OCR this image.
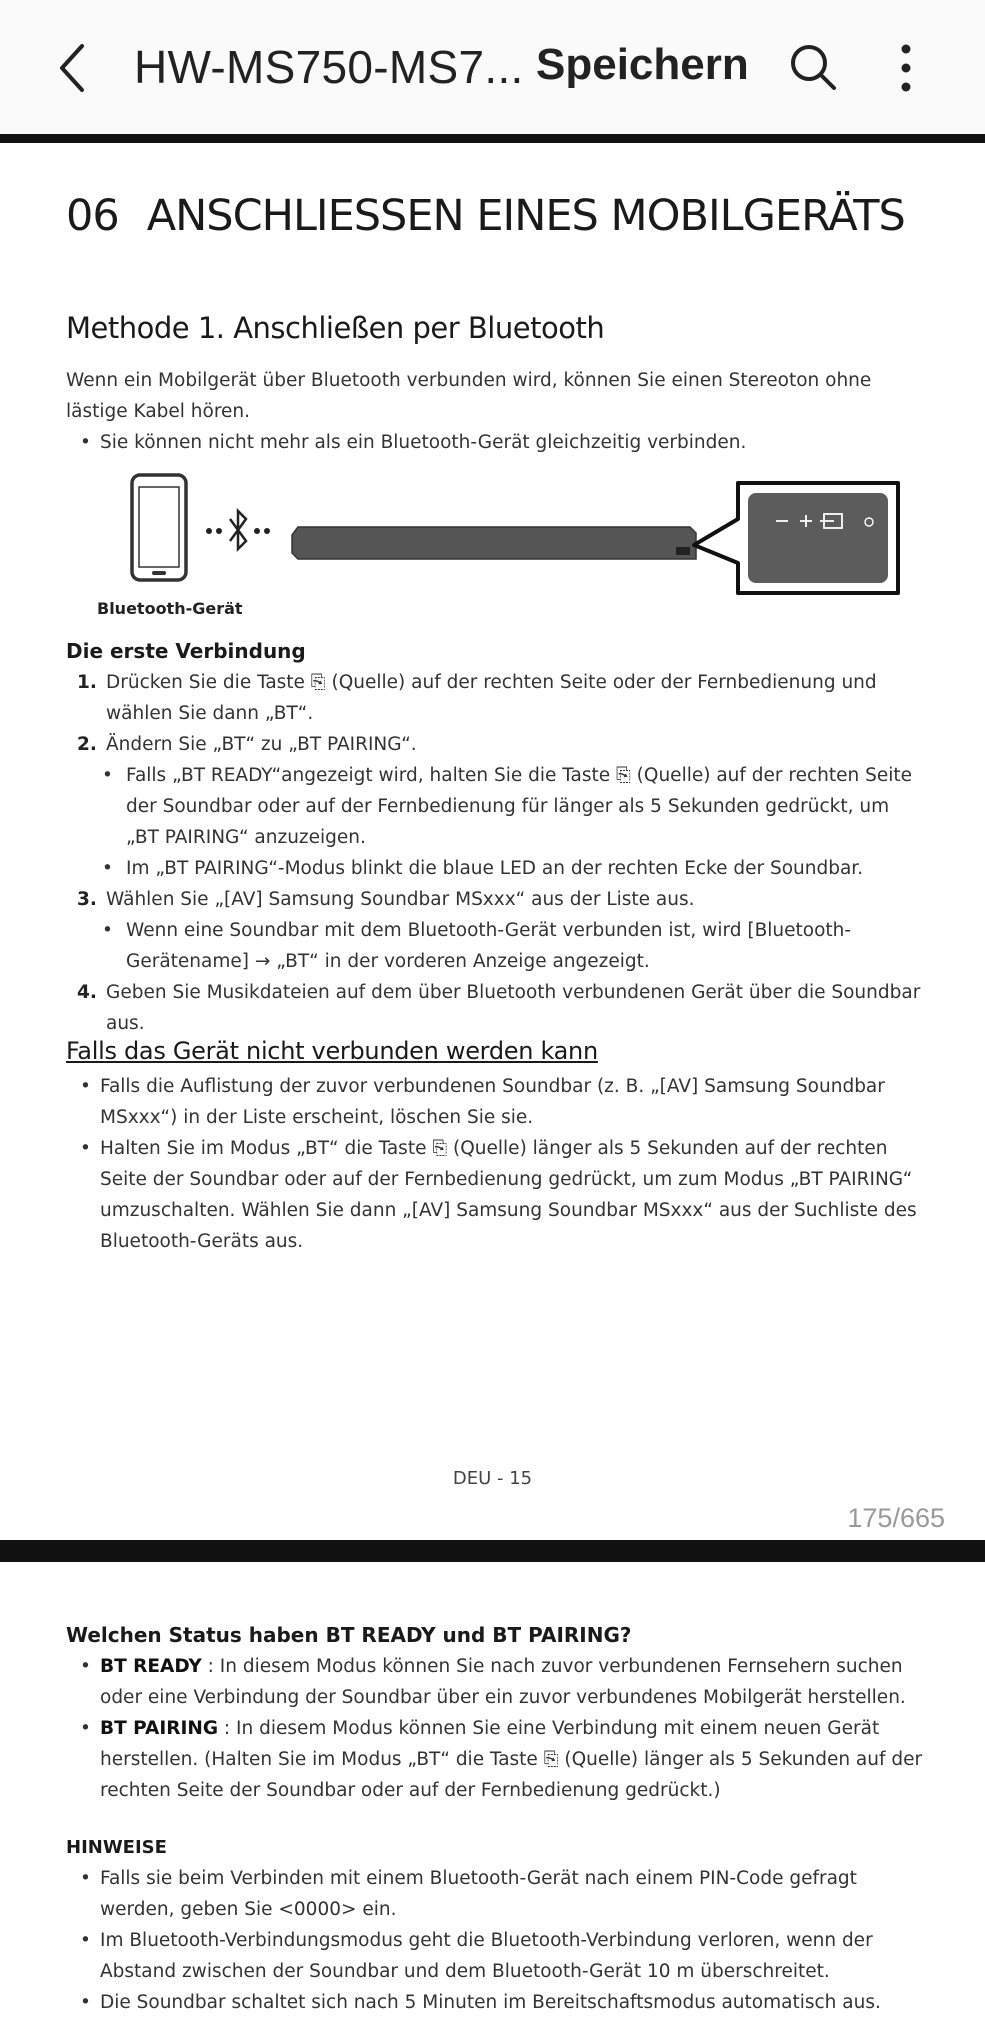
HW-MS750-MS7... Speichern
06 ANSCHLIESSEN EINES MOBILGERÄTS
Methode 1. Anschließen per Bluetooth
Wenn ein Mobilgerät über Bluetooth verbunden wird, können Sie einen Stereoton ohne lästige Kabel hören.
• Sie können nicht mehr als ein Bluetooth-Gerät gleichzeitig verbinden.
Bluetooth-Gerät
Die erste Verbindung
1. Drücken Sie die Taste ⎘ (Quelle) auf der rechten Seite oder der Fernbedienung und wählen Sie dann „BT“.
2. Ändern Sie „BT“ zu „BT PAIRING“.
• Falls „BT READY“angezeigt wird, halten Sie die Taste ⎘ (Quelle) auf der rechten Seite der Soundbar oder auf der Fernbedienung für länger als 5 Sekunden gedrückt, um „BT PAIRING“ anzuzeigen.
• Im „BT PAIRING“-Modus blinkt die blaue LED an der rechten Ecke der Soundbar.
3. Wählen Sie „[AV] Samsung Soundbar MSxxx“ aus der Liste aus.
• Wenn eine Soundbar mit dem Bluetooth-Gerät verbunden ist, wird [Bluetooth-Gerätename] → „BT“ in der vorderen Anzeige angezeigt.
4. Geben Sie Musikdateien auf dem über Bluetooth verbundenen Gerät über die Soundbar aus.
Falls das Gerät nicht verbunden werden kann
• Falls die Auflistung der zuvor verbundenen Soundbar (z. B. „[AV] Samsung Soundbar MSxxx“) in der Liste erscheint, löschen Sie sie.
• Halten Sie im Modus „BT“ die Taste ⎘ (Quelle) länger als 5 Sekunden auf der rechten Seite der Soundbar oder auf der Fernbedienung gedrückt, um zum Modus „BT PAIRING“ umzuschalten. Wählen Sie dann „[AV] Samsung Soundbar MSxxx“ aus der Suchliste des Bluetooth-Geräts aus.
DEU - 15
175/665
Welchen Status haben BT READY und BT PAIRING?
• BT READY : In diesem Modus können Sie nach zuvor verbundenen Fernsehern suchen oder eine Verbindung der Soundbar über ein zuvor verbundenes Mobilgerät herstellen.
• BT PAIRING : In diesem Modus können Sie eine Verbindung mit einem neuen Gerät herstellen. (Halten Sie im Modus „BT“ die Taste ⎘ (Quelle) länger als 5 Sekunden auf der rechten Seite der Soundbar oder auf der Fernbedienung gedrückt.)
HINWEISE
• Falls sie beim Verbinden mit einem Bluetooth-Gerät nach einem PIN-Code gefragt werden, geben Sie <0000> ein.
• Im Bluetooth-Verbindungsmodus geht die Bluetooth-Verbindung verloren, wenn der Abstand zwischen der Soundbar und dem Bluetooth-Gerät 10 m überschreitet.
• Die Soundbar schaltet sich nach 5 Minuten im Bereitschaftsmodus automatisch aus.
